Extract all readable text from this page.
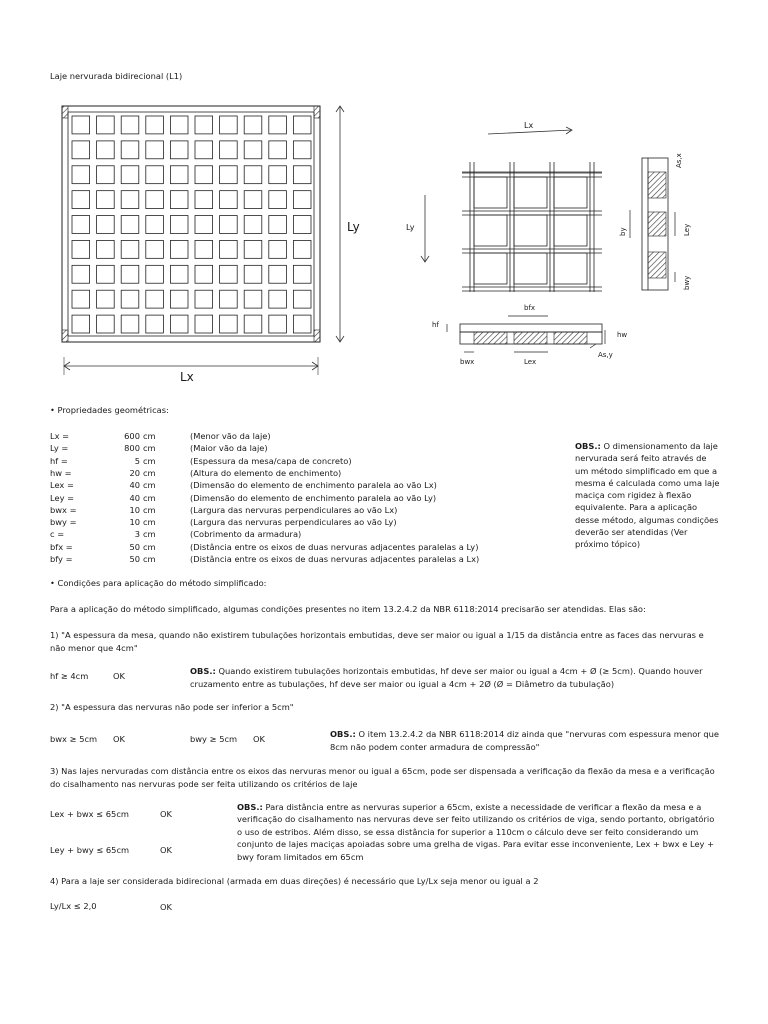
Laje nervurada bidirecional (L1)
Lx
Ly
Lx
Ly
As,x
by	Ley
bwy
hf
bfx
hw
bwx	Lex
As,y
• Propriedades geométricas:
Lx =	600 cm	(Menor vão da laje)
Ly =	800 cm	(Maior vão da laje)
hf =	5 cm	(Espessura da mesa/capa de concreto)
hw =	20 cm	(Altura do elemento de enchimento)
Lex =	40 cm	(Dimensão do elemento de enchimento paralela ao vão Lx)
Ley =	40 cm	(Dimensão do elemento de enchimento paralela ao vão Ly)
bwx =	10 cm	(Largura das nervuras perpendiculares ao vão Lx)
bwy =	10 cm	(Largura das nervuras perpendiculares ao vão Ly)
c =	3 cm	(Cobrimento da armadura)
bfx =	50 cm	(Distância entre os eixos de duas nervuras adjacentes paralelas a Ly)
bfy =	50 cm	(Distância entre os eixos de duas nervuras adjacentes paralelas a Lx)
OBS.: O dimensionamento da laje nervurada será feito através de um método simplificado em que a mesma é calculada como uma laje maciça com rigidez à flexão equivalente. Para a aplicação desse método, algumas condições deverão ser atendidas (Ver próximo tópico)
• Condições para aplicação do método simplificado:
Para a aplicação do método simplificado, algumas condições presentes no item 13.2.4.2 da NBR 6118:2014 precisarão ser atendidas. Elas são:
1) "A espessura da mesa, quando não existirem tubulações horizontais embutidas, deve ser maior ou igual a 1/15 da distância entre as faces das nervuras e não menor que 4cm"
hf ≥ 4cm	OK	OBS.: Quando existirem tubulações horizontais embutidas, hf deve ser maior ou igual a 4cm + Ø (≥ 5cm). Quando houver cruzamento entre as tubulações, hf deve ser maior ou igual a 4cm + 2Ø (Ø = Diâmetro da tubulação)
2) "A espessura das nervuras não pode ser inferior a 5cm"
bwx ≥ 5cm OK	bwy ≥ 5cm OK	OBS.: O item 13.2.4.2 da NBR 6118:2014 diz ainda que "nervuras com espessura menor que 8cm não podem conter armadura de compressão"
3) Nas lajes nervuradas com distância entre os eixos das nervuras menor ou igual a 65cm, pode ser dispensada a verificação da flexão da mesa e a verificação do cisalhamento nas nervuras pode ser feita utilizando os critérios de laje
Lex + bwx ≤ 65cm	OK
Ley + bwy ≤ 65cm	OK
OBS.: Para distância entre as nervuras superior a 65cm, existe a necessidade de verificar a flexão da mesa e a verificação do cisalhamento nas nervuras deve ser feito utilizando os critérios de viga, sendo portanto, obrigatório o uso de estribos. Além disso, se essa distância for superior a 110cm o cálculo deve ser feito considerando um conjunto de lajes maciças apoiadas sobre uma grelha de vigas. Para evitar esse inconveniente, Lex + bwx e Ley + bwy foram limitados em 65cm
4) Para a laje ser considerada bidirecional (armada em duas direções) é necessário que Ly/Lx seja menor ou igual a 2
Ly/Lx ≤ 2,0	OK
